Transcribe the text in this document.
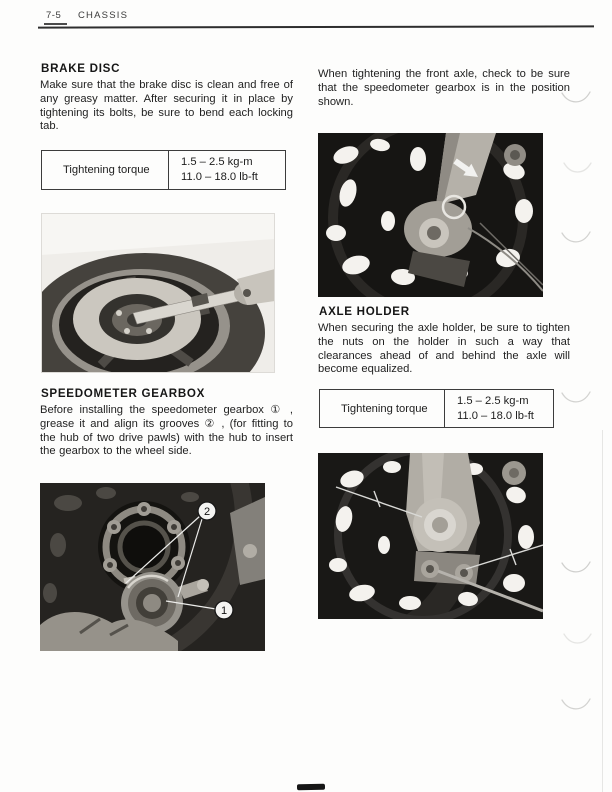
7-5 CHASSIS
BRAKE DISC
Make sure that the brake disc is clean and free of any greasy matter. After securing it in place by tightening its bolts, be sure to bend each locking tab.
Tightening torque
1.5 – 2.5 kg-m
11.0 – 18.0 lb-ft
SPEEDOMETER GEARBOX
Before installing the speedometer gearbox ① , grease it and align its grooves ② , (for fitting to the hub of two drive pawls) with the hub to insert the gearbox to the wheel side.
2
1
When tightening the front axle, check to be sure that the speedometer gearbox is in the position shown.
AXLE HOLDER
When securing the axle holder, be sure to tighten the nuts on the holder in such a way that clearances ahead of and behind the axle will become equalized.
Tightening torque
1.5 – 2.5 kg-m
11.0 – 18.0 lb-ft
